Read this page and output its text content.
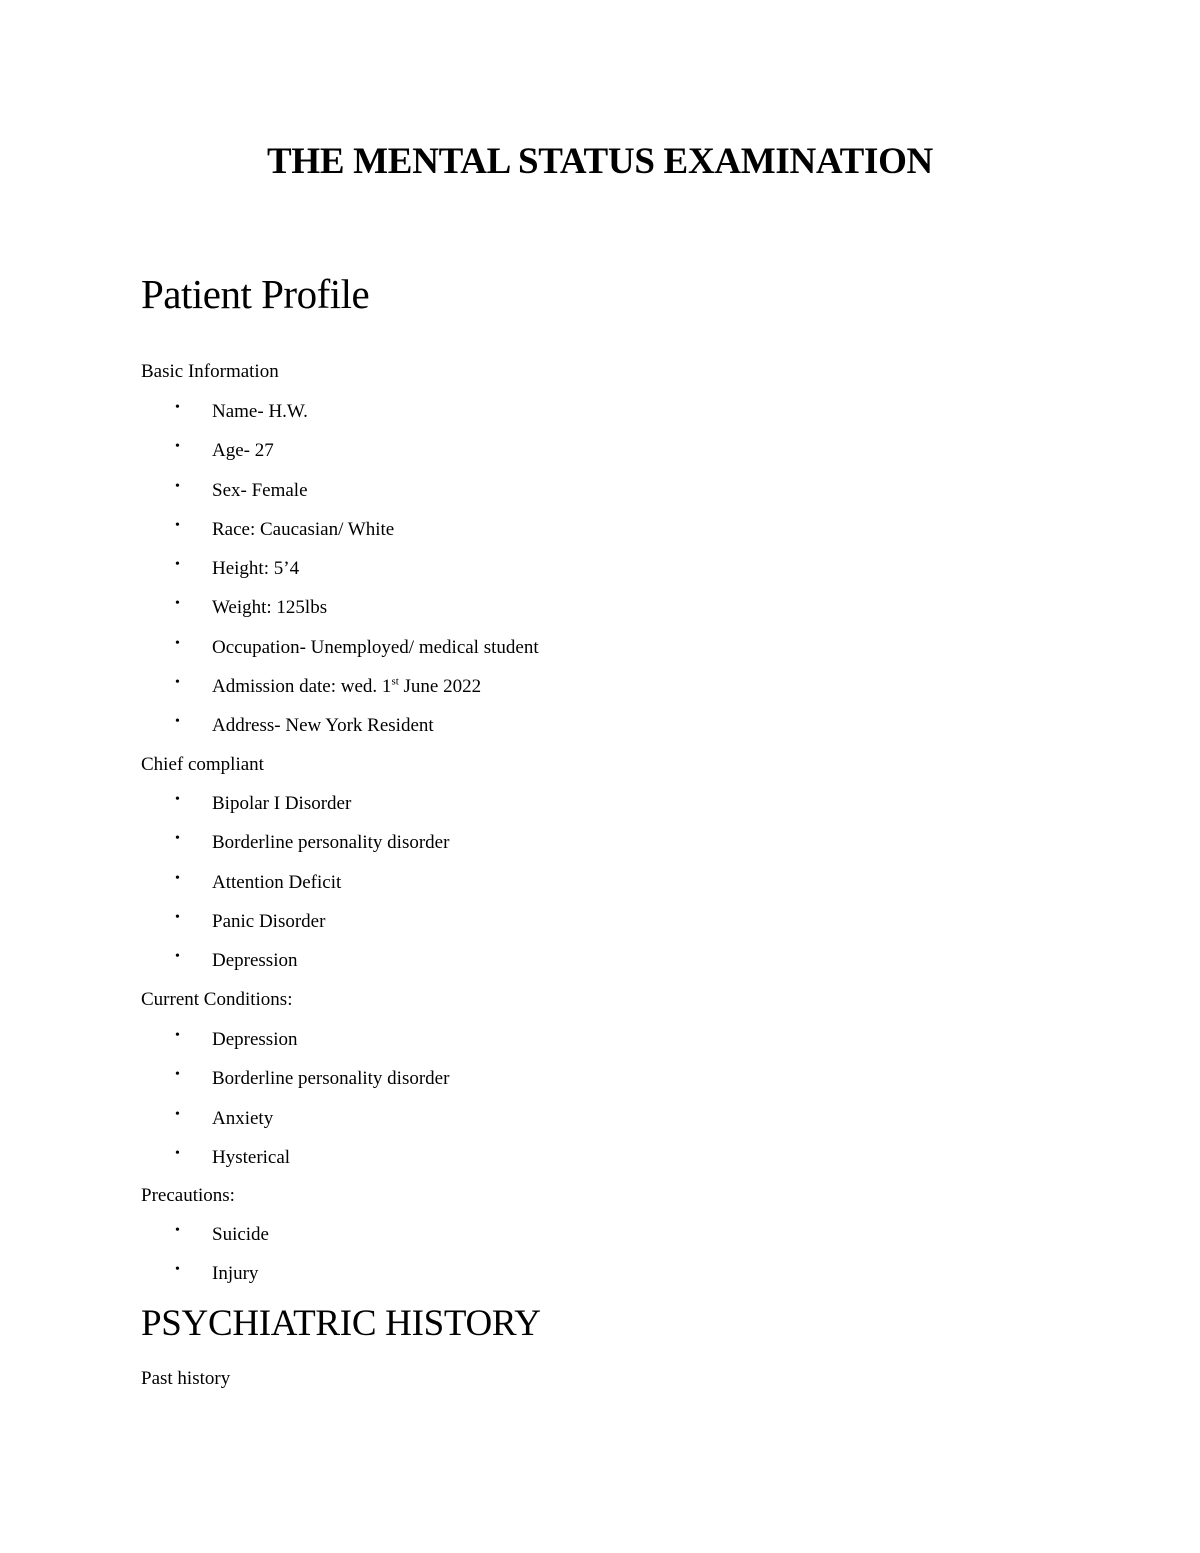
THE MENTAL STATUS EXAMINATION
Patient Profile
Basic Information
• Name- H.W.
• Age- 27
• Sex- Female
• Race: Caucasian/ White
• Height: 5’4
• Weight: 125lbs
• Occupation- Unemployed/ medical student
• Admission date: wed. 1st June 2022
• Address- New York Resident
Chief compliant
• Bipolar I Disorder
• Borderline personality disorder
• Attention Deficit
• Panic Disorder
• Depression
Current Conditions:
• Depression
• Borderline personality disorder
• Anxiety
• Hysterical
Precautions:
• Suicide
• Injury
PSYCHIATRIC HISTORY
Past history
